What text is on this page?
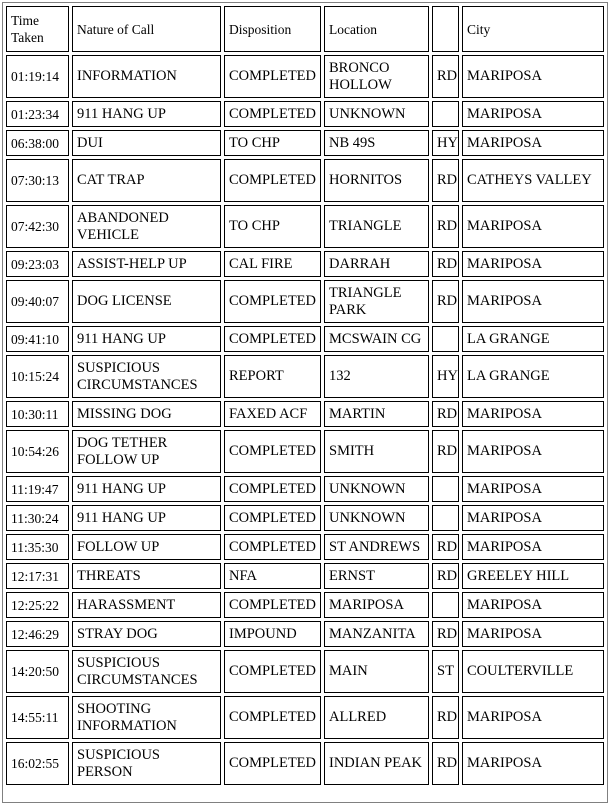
Time Taken	Nature of Call	Disposition	Location		City
01:19:14	INFORMATION	COMPLETED	BRONCO HOLLOW	RD	MARIPOSA
01:23:34	911 HANG UP	COMPLETED	UNKNOWN		MARIPOSA
06:38:00	DUI	TO CHP	NB 49S	HY	MARIPOSA
07:30:13	CAT TRAP	COMPLETED	HORNITOS	RD	CATHEYS VALLEY
07:42:30	ABANDONED VEHICLE	TO CHP	TRIANGLE	RD	MARIPOSA
09:23:03	ASSIST-HELP UP	CAL FIRE	DARRAH	RD	MARIPOSA
09:40:07	DOG LICENSE	COMPLETED	TRIANGLE PARK	RD	MARIPOSA
09:41:10	911 HANG UP	COMPLETED	MCSWAIN CG		LA GRANGE
10:15:24	SUSPICIOUS CIRCUMSTANCES	REPORT	132	HY	LA GRANGE
10:30:11	MISSING DOG	FAXED ACF	MARTIN	RD	MARIPOSA
10:54:26	DOG TETHER FOLLOW UP	COMPLETED	SMITH	RD	MARIPOSA
11:19:47	911 HANG UP	COMPLETED	UNKNOWN		MARIPOSA
11:30:24	911 HANG UP	COMPLETED	UNKNOWN		MARIPOSA
11:35:30	FOLLOW UP	COMPLETED	ST ANDREWS	RD	MARIPOSA
12:17:31	THREATS	NFA	ERNST	RD	GREELEY HILL
12:25:22	HARASSMENT	COMPLETED	MARIPOSA		MARIPOSA
12:46:29	STRAY DOG	IMPOUND	MANZANITA	RD	MARIPOSA
14:20:50	SUSPICIOUS CIRCUMSTANCES	COMPLETED	MAIN	ST	COULTERVILLE
14:55:11	SHOOTING INFORMATION	COMPLETED	ALLRED	RD	MARIPOSA
16:02:55	SUSPICIOUS PERSON	COMPLETED	INDIAN PEAK	RD	MARIPOSA
